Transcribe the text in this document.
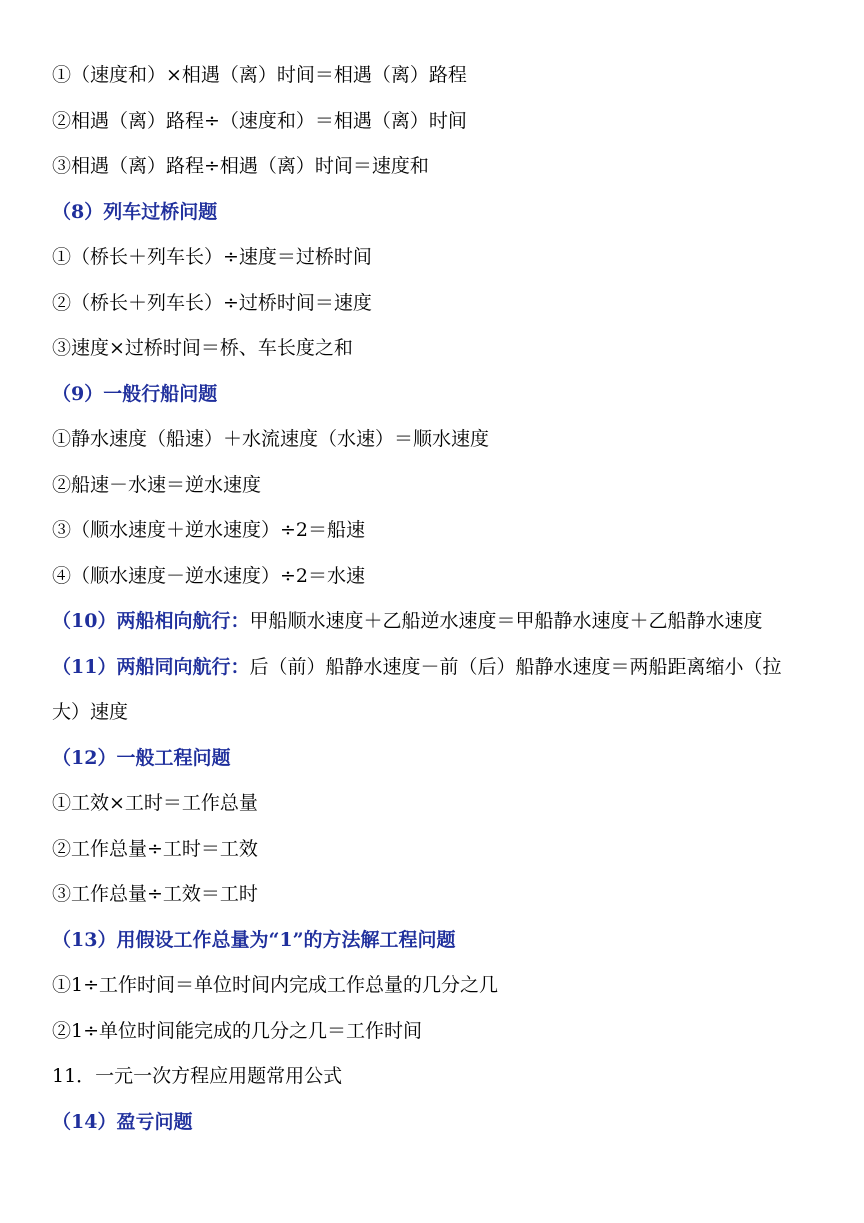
①（速度和）×相遇（离）时间＝相遇（离）路程
②相遇（离）路程÷（速度和）＝相遇（离）时间
③相遇（离）路程÷相遇（离）时间＝速度和
（8）列车过桥问题
①（桥长＋列车长）÷速度＝过桥时间
②（桥长＋列车长）÷过桥时间＝速度
③速度×过桥时间＝桥、车长度之和
（9）一般行船问题
①静水速度（船速）＋水流速度（水速）＝顺水速度
②船速－水速＝逆水速度
③（顺水速度＋逆水速度）÷2＝船速
④（顺水速度－逆水速度）÷2＝水速
（10）两船相向航行：甲船顺水速度＋乙船逆水速度＝甲船静水速度＋乙船静水速度
（11）两船同向航行：后（前）船静水速度－前（后）船静水速度＝两船距离缩小（拉
大）速度
（12）一般工程问题
①工效×工时＝工作总量
②工作总量÷工时＝工效
③工作总量÷工效＝工时
（13）用假设工作总量为“1”的方法解工程问题
①1÷工作时间＝单位时间内完成工作总量的几分之几
②1÷单位时间能完成的几分之几＝工作时间
11．一元一次方程应用题常用公式
（14）盈亏问题
